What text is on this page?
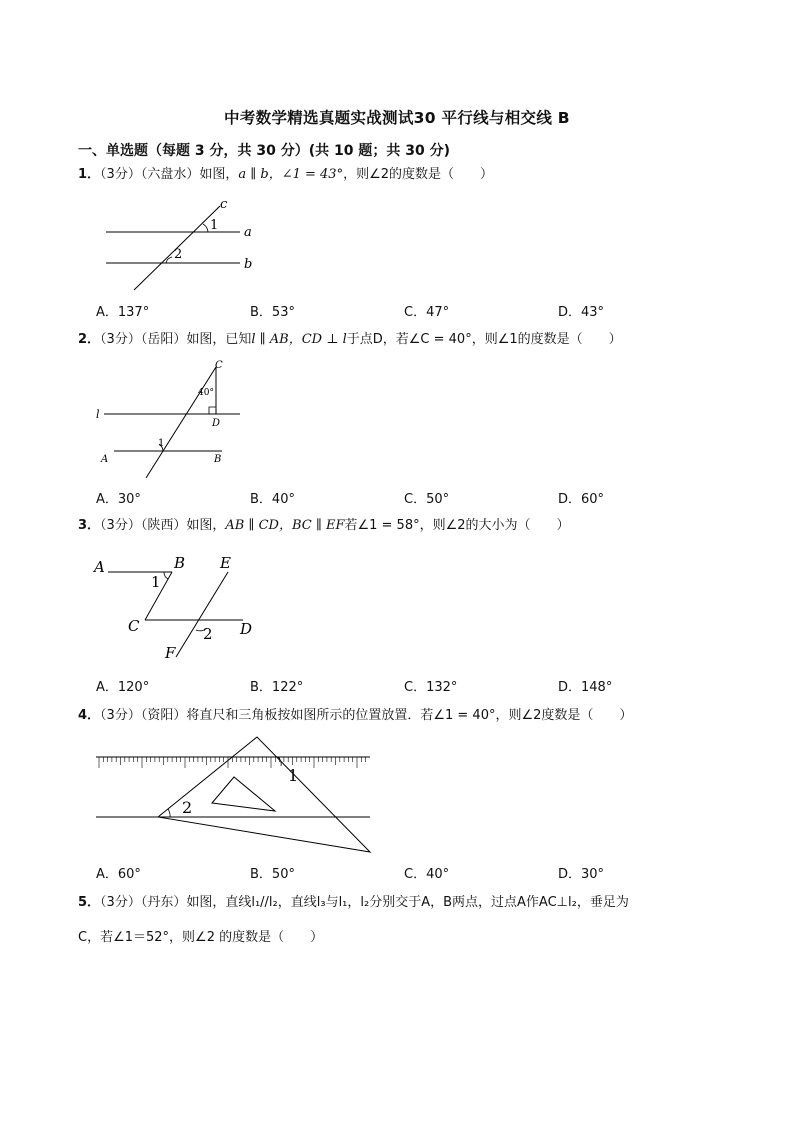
中考数学精选真题实战测试30 平行线与相交线 B
一、单选题（每题 3 分，共 30 分）(共 10 题；共 30 分)
1．（3分）（六盘水）如图，a ∥ b，∠1 = 43°，则∠2的度数是（　　）
c
1 a
2
b
A．137°	B．53°	C．47°	D．43°
2．（3分）（岳阳）如图，已知l ∥ AB，CD ⊥ l于点D，若∠C = 40°，则∠1的度数是（　　）
C
40°
l
D
1
A	B
A．30°	B．40°	C．50°	D．60°
3．（3分）（陕西）如图，AB ∥ CD，BC ∥ EF若∠1 = 58°，则∠2的大小为（　　）
A	B E
1
C	D
2
F
A．120°	B．122°	C．132°	D．148°
4．（3分）（资阳）将直尺和三角板按如图所示的位置放置．若∠1 = 40°，则∠2度数是（　　）
1
2
A．60°	B．50°	C．40°	D．30°
5．（3分）（丹东）如图，直线l₁//l₂，直线l₃与l₁，l₂分别交于A，B两点，过点A作AC⊥l₂，垂足为
C，若∠1＝52°，则∠2 的度数是（　　）
